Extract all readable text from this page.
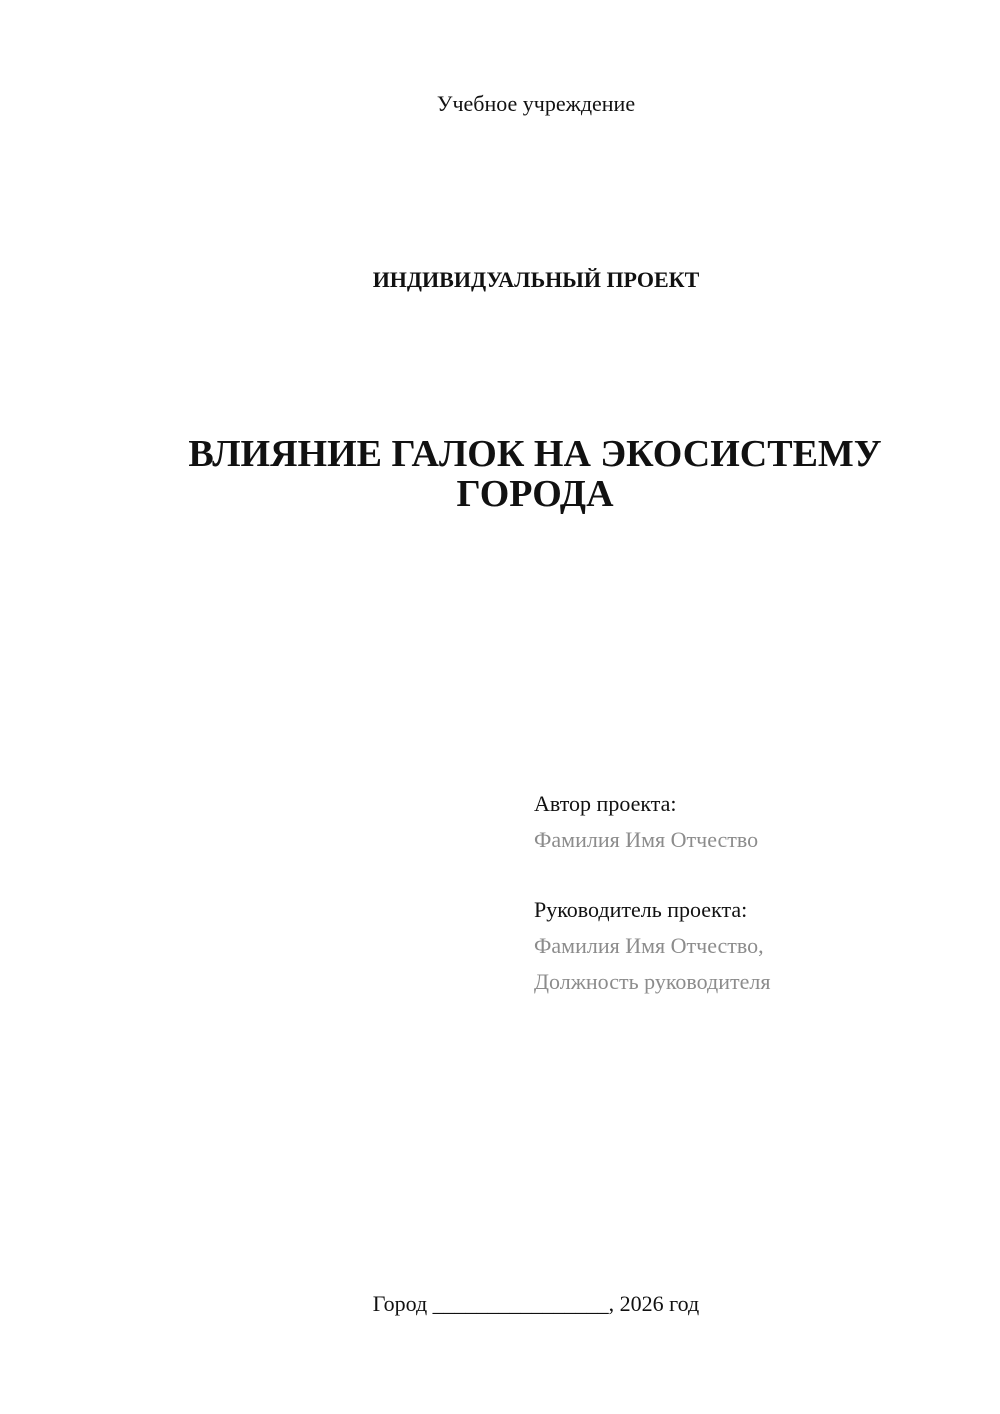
Учебное учреждение
ИНДИВИДУАЛЬНЫЙ ПРОЕКТ
ВЛИЯНИЕ ГАЛОК НА ЭКОСИСТЕМУ
ГОРОДА
Автор проекта:
Фамилия Имя Отчество
Руководитель проекта:
Фамилия Имя Отчество,
Должность руководителя
Город ________________, 2026 год
